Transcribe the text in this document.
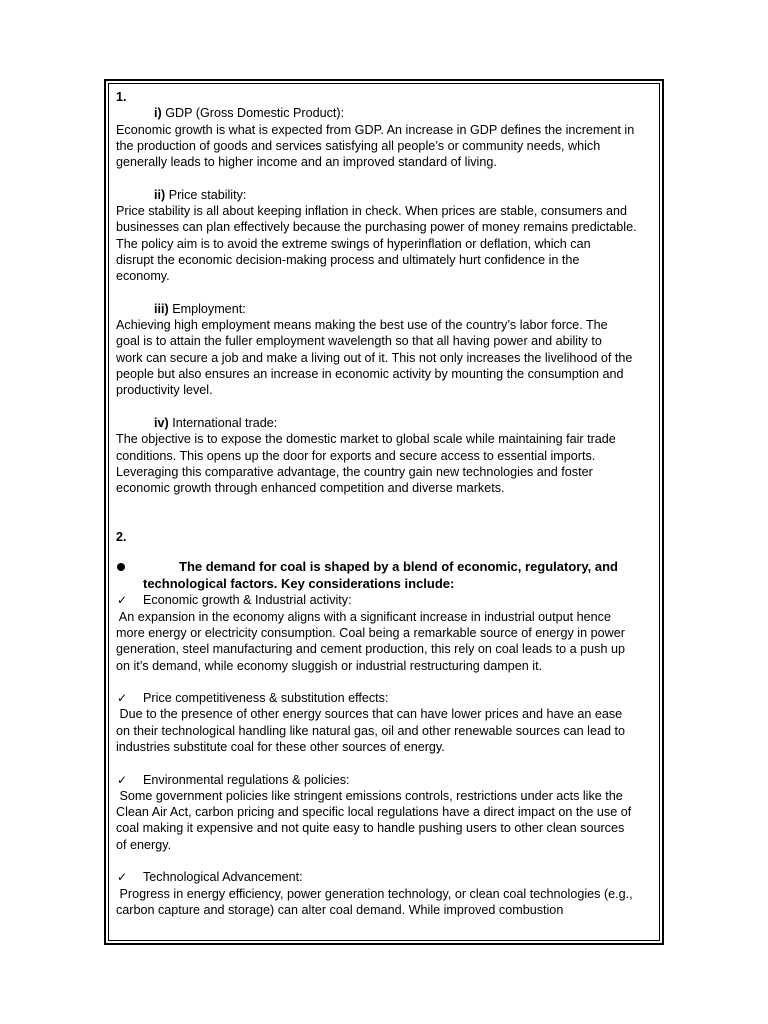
1.
i) GDP (Gross Domestic Product):
Economic growth is what is expected from GDP. An increase in GDP defines the increment in
the production of goods and services satisfying all people’s or community needs, which
generally leads to higher income and an improved standard of living.
ii) Price stability:
Price stability is all about keeping inflation in check. When prices are stable, consumers and
businesses can plan effectively because the purchasing power of money remains predictable.
The policy aim is to avoid the extreme swings of hyperinflation or deflation, which can
disrupt the economic decision-making process and ultimately hurt confidence in the
economy.
iii) Employment:
Achieving high employment means making the best use of the country’s labor force. The
goal is to attain the fuller employment wavelength so that all having power and ability to
work can secure a job and make a living out of it. This not only increases the livelihood of the
people but also ensures an increase in economic activity by mounting the consumption and
productivity level.
iv) International trade:
The objective is to expose the domestic market to global scale while maintaining fair trade
conditions. This opens up the door for exports and secure access to essential imports.
Leveraging this comparative advantage, the country gain new technologies and foster
economic growth through enhanced competition and diverse markets.
2.
The demand for coal is shaped by a blend of economic, regulatory, and
technological factors. Key considerations include:
✓ Economic growth & Industrial activity:
An expansion in the economy aligns with a significant increase in industrial output hence
more energy or electricity consumption. Coal being a remarkable source of energy in power
generation, steel manufacturing and cement production, this rely on coal leads to a push up
on it’s demand, while economy sluggish or industrial restructuring dampen it.
✓ Price competitiveness & substitution effects:
Due to the presence of other energy sources that can have lower prices and have an ease
on their technological handling like natural gas, oil and other renewable sources can lead to
industries substitute coal for these other sources of energy.
✓ Environmental regulations & policies:
Some government policies like stringent emissions controls, restrictions under acts like the
Clean Air Act, carbon pricing and specific local regulations have a direct impact on the use of
coal making it expensive and not quite easy to handle pushing users to other clean sources
of energy.
✓ Technological Advancement:
Progress in energy efficiency, power generation technology, or clean coal technologies (e.g.,
carbon capture and storage) can alter coal demand. While improved combustion
